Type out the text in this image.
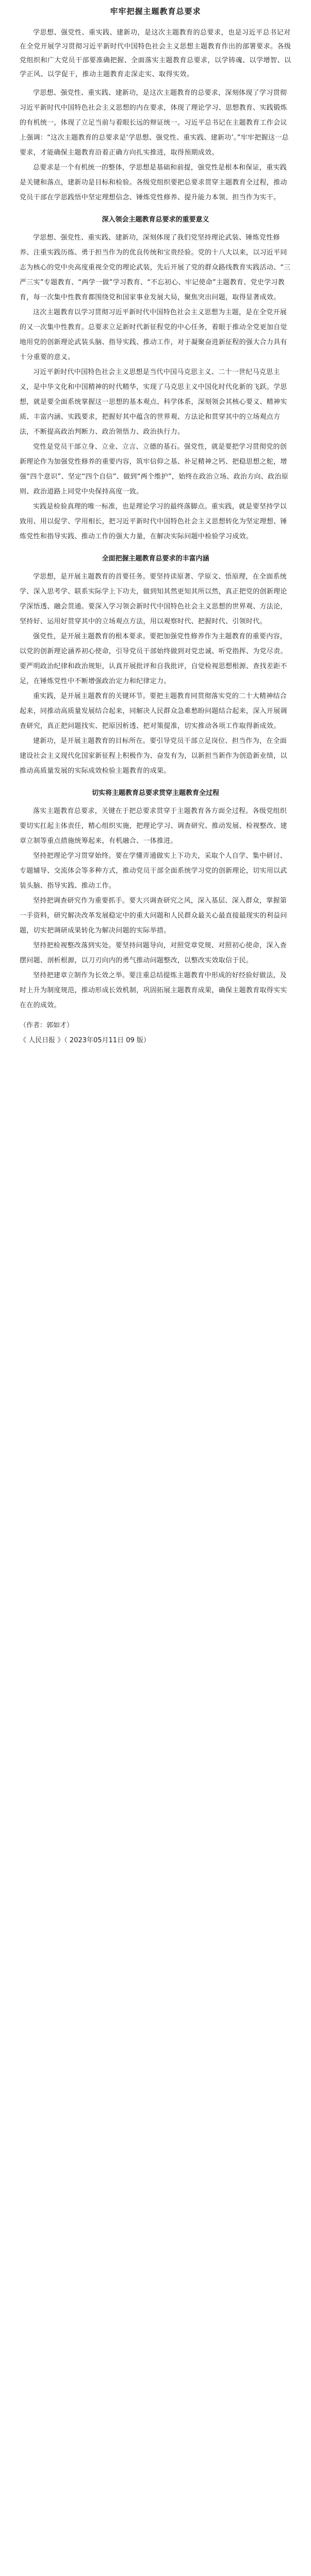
牢牢把握主题教育总要求

学思想、强党性、重实践、建新功，是这次主题教育的总要求，也是习近平总书记对在全党开展学习贯彻习近平新时代中国特色社会主义思想主题教育作出的部署要求。各级党组织和广大党员干部要准确把握、全面落实主题教育总要求，以学铸魂、以学增智、以学正风、以学促干，推动主题教育走深走实、取得实效。

学思想、强党性、重实践、建新功，是这次主题教育的总要求，深刻体现了学习贯彻习近平新时代中国特色社会主义思想的内在要求，体现了理论学习、思想教育、实践锻炼的有机统一，体现了立足当前与着眼长远的辩证统一。习近平总书记在主题教育工作会议上强调：“这次主题教育的总要求是‘学思想、强党性、重实践、建新功’。”牢牢把握这一总要求，才能确保主题教育沿着正确方向扎实推进，取得预期成效。

总要求是一个有机统一的整体，学思想是基础和前提，强党性是根本和保证，重实践是关键和落点，建新功是目标和检验。各级党组织要把总要求贯穿主题教育全过程，推动党员干部在学思践悟中坚定理想信念、锤炼党性修养、提升能力本领、担当作为实干。

深入领会主题教育总要求的重要意义

学思想、强党性、重实践、建新功，深刻体现了我们党坚持理论武装、锤炼党性修养、注重实践历练、勇于担当作为的优良传统和宝贵经验。党的十八大以来，以习近平同志为核心的党中央高度重视全党的理论武装，先后开展了党的群众路线教育实践活动、“三严三实”专题教育、“两学一做”学习教育、“不忘初心、牢记使命”主题教育、党史学习教育，每一次集中性教育都围绕党和国家事业发展大局，聚焦突出问题，取得显著成效。

这次主题教育以学习贯彻习近平新时代中国特色社会主义思想为主题，是在全党开展的又一次集中性教育。总要求立足新时代新征程党的中心任务，着眼于推动全党更加自觉地用党的创新理论武装头脑、指导实践、推动工作，对于凝聚奋进新征程的强大合力具有十分重要的意义。

习近平新时代中国特色社会主义思想是当代中国马克思主义、二十一世纪马克思主义，是中华文化和中国精神的时代精华，实现了马克思主义中国化时代化新的飞跃。学思想，就是要全面系统掌握这一思想的基本观点、科学体系，深刻领会其核心要义、精神实质、丰富内涵、实践要求，把握好其中蕴含的世界观、方法论和贯穿其中的立场观点方法，不断提高政治判断力、政治领悟力、政治执行力。

党性是党员干部立身、立业、立言、立德的基石。强党性，就是要把学习贯彻党的创新理论作为加强党性修养的重要内容，筑牢信仰之基、补足精神之钙、把稳思想之舵，增强“四个意识”、坚定“四个自信”、做到“两个维护”，始终在政治立场、政治方向、政治原则、政治道路上同党中央保持高度一致。

实践是检验真理的唯一标准，也是理论学习的最终落脚点。重实践，就是要坚持学以致用、用以促学、学用相长，把习近平新时代中国特色社会主义思想转化为坚定理想、锤炼党性和指导实践、推动工作的强大力量，在解决实际问题中检验学习成效。

全面把握主题教育总要求的丰富内涵

学思想，是开展主题教育的首要任务。要坚持读原著、学原文、悟原理，在全面系统学、深入思考学、联系实际学上下功夫，做到知其然更知其所以然，真正把党的创新理论学深悟透、融会贯通。要深入学习领会新时代中国特色社会主义思想的世界观、方法论，坚持好、运用好贯穿其中的立场观点方法，用以观察时代、把握时代、引领时代。

强党性，是开展主题教育的根本要求。要把加强党性修养作为主题教育的重要内容，以党的创新理论涵养初心使命，引导党员干部始终做到对党忠诚、听党指挥、为党尽责。要严明政治纪律和政治规矩，认真开展批评和自我批评，自觉检视思想根源、查找差距不足，在锤炼党性中不断增强政治定力和纪律定力。

重实践，是开展主题教育的关键环节。要把主题教育同贯彻落实党的二十大精神结合起来，同推动高质量发展结合起来，同解决人民群众急难愁盼问题结合起来，深入开展调查研究，真正把问题找实、把原因析透、把对策提准，切实推动各项工作取得新成效。

建新功，是开展主题教育的目标所在。要引导党员干部立足岗位、担当作为，在全面建设社会主义现代化国家新征程上积极作为、奋发有为，以新担当新作为创造新业绩，以推动高质量发展的实际成效检验主题教育的成果。

切实将主题教育总要求贯穿主题教育全过程

落实主题教育总要求，关键在于把总要求贯穿于主题教育各方面全过程。各级党组织要切实扛起主体责任，精心组织实施，把理论学习、调查研究、推动发展、检视整改、建章立制等重点措施统筹起来，有机融合、一体推进。

坚持把理论学习贯穿始终。要在学懂弄通做实上下功夫，采取个人自学、集中研讨、专题辅导、交流体会等多种方式，推动党员干部全面系统学习党的创新理论，切实用以武装头脑、指导实践、推动工作。

坚持把调查研究作为重要抓手。要大兴调查研究之风，深入基层、深入群众，掌握第一手资料，研究解决改革发展稳定中的重大问题和人民群众最关心最直接最现实的利益问题，切实把调研成果转化为解决问题的实际举措。

坚持把检视整改落到实处。要坚持问题导向，对照党章党规、对照初心使命，深入查摆问题、剖析根源，以刀刃向内的勇气推动问题整改，以整改实效取信于民。

坚持把建章立制作为长效之举。要注重总结提炼主题教育中形成的好经验好做法，及时上升为制度规范，推动形成长效机制，巩固拓展主题教育成果，确保主题教育取得实实在在的成效。

（作者：郭如才）

《 人民日报 》（ 2023年05月11日 09 版）
